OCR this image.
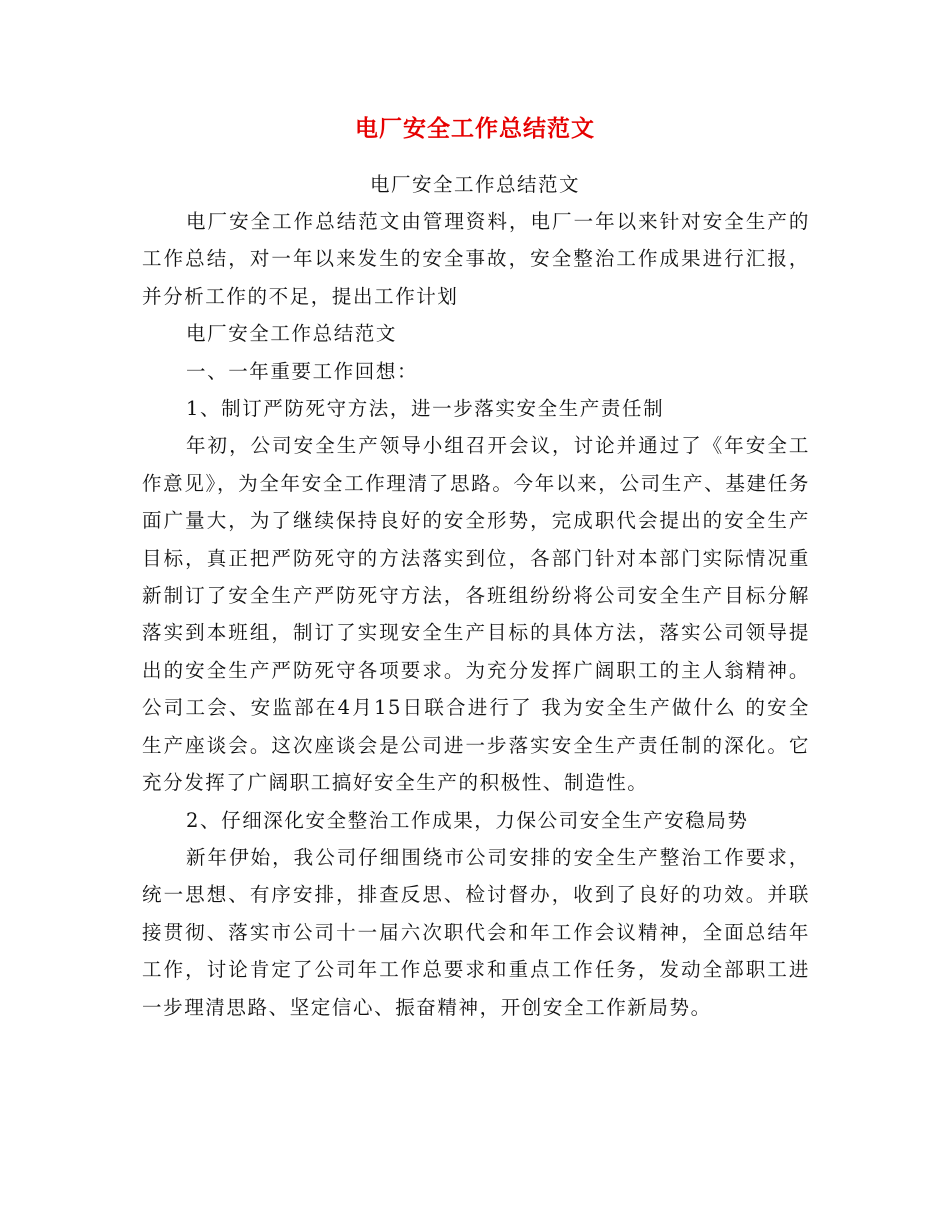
电厂安全工作总结范文
电厂安全工作总结范文

电厂安全工作总结范文由管理资料，电厂一年以来针对安全生产的工作总结，对一年以来发生的安全事故，安全整治工作成果进行汇报，并分析工作的不足，提出工作计划

电厂安全工作总结范文

一、一年重要工作回想：

1、制订严防死守方法，进一步落实安全生产责任制

年初，公司安全生产领导小组召开会议，讨论并通过了《年安全工作意见》，为全年安全工作理清了思路。今年以来，公司生产、基建任务面广量大，为了继续保持良好的安全形势，完成职代会提出的安全生产目标，真正把严防死守的方法落实到位，各部门针对本部门实际情况重新制订了安全生产严防死守方法，各班组纷纷将公司安全生产目标分解落实到本班组，制订了实现安全生产目标的具体方法，落实公司领导提出的安全生产严防死守各项要求。为充分发挥广阔职工的主人翁精神。公司工会、安监部在4月15日联合进行了 我为安全生产做什么 的安全生产座谈会。这次座谈会是公司进一步落实安全生产责任制的深化。它充分发挥了广阔职工搞好安全生产的积极性、制造性。

2、仔细深化安全整治工作成果，力保公司安全生产安稳局势

新年伊始，我公司仔细围绕市公司安排的安全生产整治工作要求，统一思想、有序安排，排查反思、检讨督办，收到了良好的功效。并联接贯彻、落实市公司十一届六次职代会和年工作会议精神，全面总结年工作，讨论肯定了公司年工作总要求和重点工作任务，发动全部职工进一步理清思路、坚定信心、振奋精神，开创安全工作新局势。
